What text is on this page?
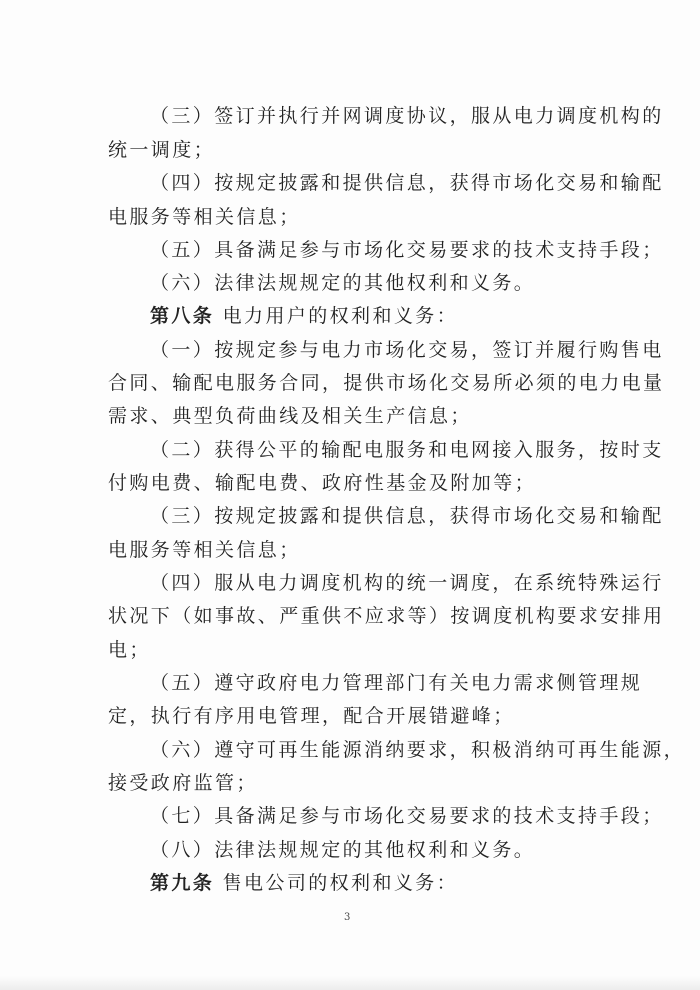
（三）签订并执行并网调度协议，服从电力调度机构的
统一调度；
（四）按规定披露和提供信息，获得市场化交易和输配
电服务等相关信息；
（五）具备满足参与市场化交易要求的技术支持手段；
（六）法律法规规定的其他权利和义务。
第八条 电力用户的权利和义务：
（一）按规定参与电力市场化交易，签订并履行购售电
合同、输配电服务合同，提供市场化交易所必须的电力电量
需求、典型负荷曲线及相关生产信息；
（二）获得公平的输配电服务和电网接入服务，按时支
付购电费、输配电费、政府性基金及附加等；
（三）按规定披露和提供信息，获得市场化交易和输配
电服务等相关信息；
（四）服从电力调度机构的统一调度，在系统特殊运行
状况下（如事故、严重供不应求等）按调度机构要求安排用
电；
（五）遵守政府电力管理部门有关电力需求侧管理规
定，执行有序用电管理，配合开展错避峰；
（六）遵守可再生能源消纳要求，积极消纳可再生能源，
接受政府监管；
（七）具备满足参与市场化交易要求的技术支持手段；
（八）法律法规规定的其他权利和义务。
第九条 售电公司的权利和义务：
3
